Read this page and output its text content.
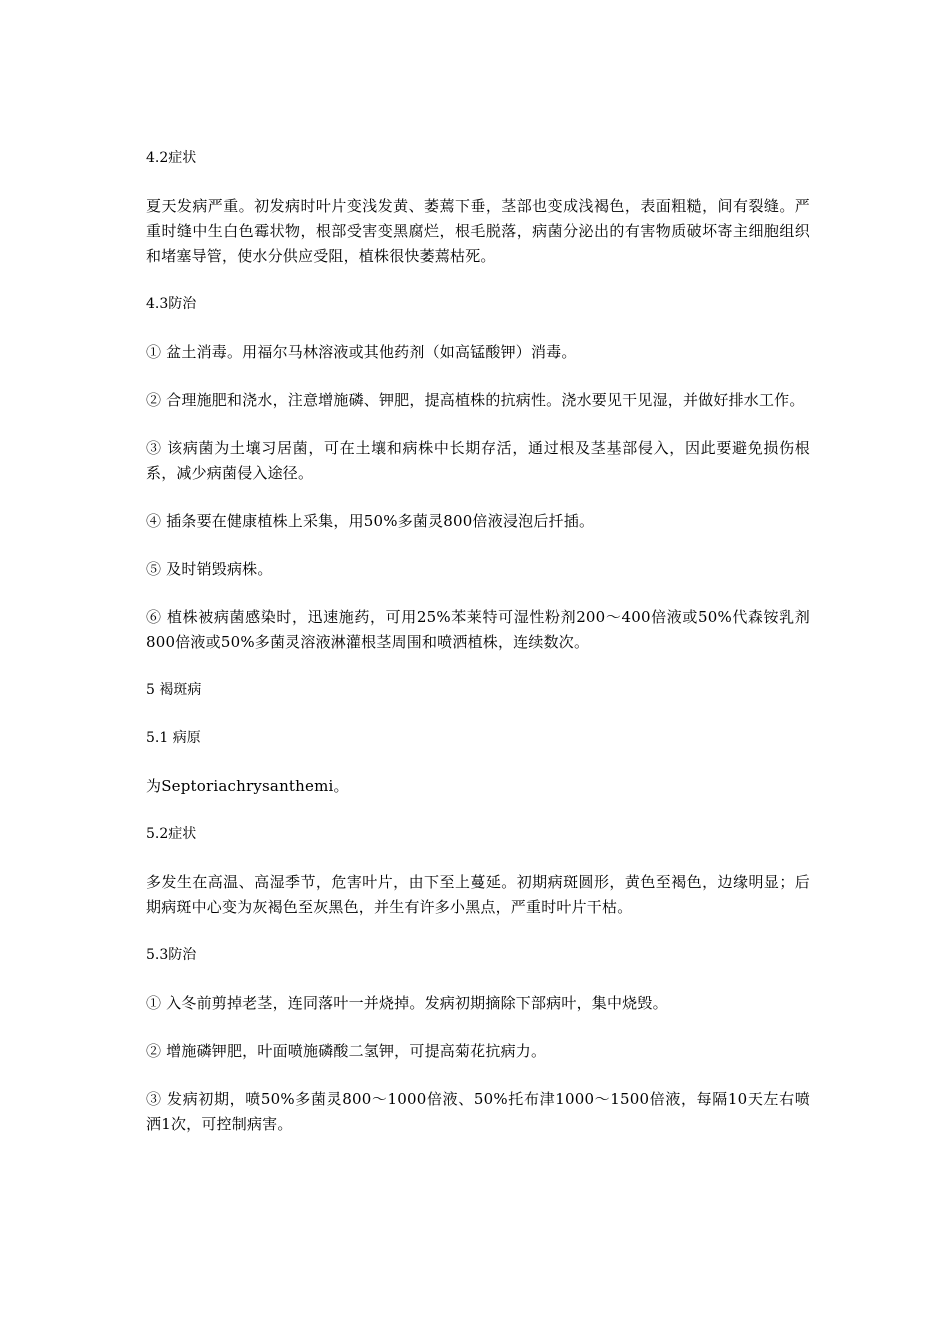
4.2症状

夏天发病严重。初发病时叶片变浅发黄、萎蔫下垂，茎部也变成浅褐色，表面粗糙，间有裂缝。严重时缝中生白色霉状物，根部受害变黑腐烂，根毛脱落，病菌分泌出的有害物质破坏寄主细胞组织和堵塞导管，使水分供应受阻，植株很快萎蔫枯死。

4.3防治

① 盆土消毒。用福尔马林溶液或其他药剂（如高锰酸钾）消毒。

② 合理施肥和浇水，注意增施磷、钾肥，提高植株的抗病性。浇水要见干见湿，并做好排水工作。

③ 该病菌为土壤习居菌，可在土壤和病株中长期存活，通过根及茎基部侵入，因此要避免损伤根系，减少病菌侵入途径。

④ 插条要在健康植株上采集，用50%多菌灵800倍液浸泡后扦插。

⑤ 及时销毁病株。

⑥ 植株被病菌感染时，迅速施药，可用25%苯莱特可湿性粉剂200～400倍液或50%代森铵乳剂800倍液或50%多菌灵溶液淋灌根茎周围和喷洒植株，连续数次。

5 褐斑病

5.1 病原

为Septoriachrysanthemi。

5.2症状

多发生在高温、高湿季节，危害叶片，由下至上蔓延。初期病斑圆形，黄色至褐色，边缘明显；后期病斑中心变为灰褐色至灰黑色，并生有许多小黑点，严重时叶片干枯。

5.3防治

① 入冬前剪掉老茎，连同落叶一并烧掉。发病初期摘除下部病叶，集中烧毁。

② 增施磷钾肥，叶面喷施磷酸二氢钾，可提高菊花抗病力。

③ 发病初期，喷50%多菌灵800～1000倍液、50%托布津1000～1500倍液，每隔10天左右喷洒1次，可控制病害。
